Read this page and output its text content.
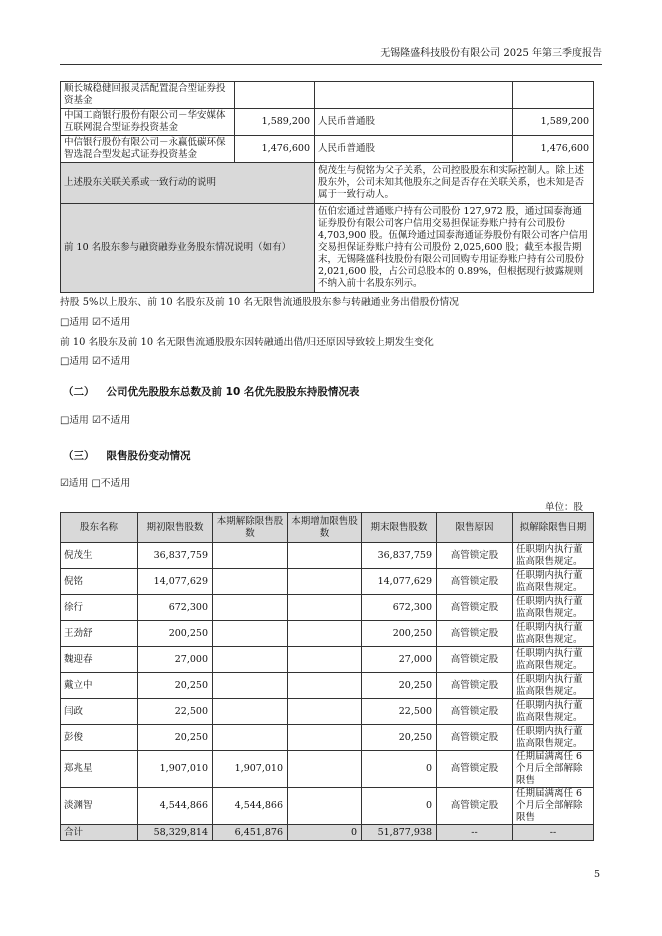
无锡隆盛科技股份有限公司 2025 年第三季度报告
顺长城稳健回报灵活配置混合型证券投资基金			
中国工商银行股份有限公司－华安媒体互联网混合型证券投资基金	1,589,200	人民币普通股	1,589,200
中信银行股份有限公司－永赢低碳环保智选混合型发起式证券投资基金	1,476,600	人民币普通股	1,476,600
上述股东关联关系或一致行动的说明		倪茂生与倪铭为父子关系，公司控股股东和实际控制人。除上述股东外，公司未知其他股东之间是否存在关联关系，也未知是否属于一致行动人。	
前 10 名股东参与融资融券业务股东情况说明（如有）		伍伯宏通过普通账户持有公司股份 127,972 股，通过国泰海通证券股份有限公司客户信用交易担保证券账户持有公司股份 4,703,900 股。伍佩玲通过国泰海通证券股份有限公司客户信用交易担保证券账户持有公司股份 2,025,600 股；截至本报告期末，无锡隆盛科技股份有限公司回购专用证券账户持有公司股份 2,021,600 股，占公司总股本的 0.89%，但根据现行披露规则不纳入前十名股东列示。	
持股 5%以上股东、前 10 名股东及前 10 名无限售流通股股东参与转融通业务出借股份情况
□适用 ☑不适用
前 10 名股东及前 10 名无限售流通股股东因转融通出借/归还原因导致较上期发生变化
□适用 ☑不适用
（二） 公司优先股股东总数及前 10 名优先股股东持股情况表
□适用 ☑不适用
（三） 限售股份变动情况
☑适用 □不适用
单位：股
股东名称	期初限售股数	本期解除限售股数	本期增加限售股数	期末限售股数	限售原因	拟解除限售日期
倪茂生	36,837,759			36,837,759	高管锁定股	任职期内执行董监高限售规定。
倪铭	14,077,629			14,077,629	高管锁定股	任职期内执行董监高限售规定。
徐行	672,300			672,300	高管锁定股	任职期内执行董监高限售规定。
王劲舒	200,250			200,250	高管锁定股	任职期内执行董监高限售规定。
魏迎春	27,000			27,000	高管锁定股	任职期内执行董监高限售规定。
戴立中	20,250			20,250	高管锁定股	任职期内执行董监高限售规定。
闫政	22,500			22,500	高管锁定股	任职期内执行董监高限售规定。
彭俊	20,250			20,250	高管锁定股	任职期内执行董监高限售规定。
郑兆星	1,907,010	1,907,010		0	高管锁定股	任期届满离任 6 个月后全部解除限售
淡渊智	4,544,866	4,544,866		0	高管锁定股	任期届满离任 6 个月后全部解除限售
合计	58,329,814	6,451,876	0	51,877,938	--	--
5
